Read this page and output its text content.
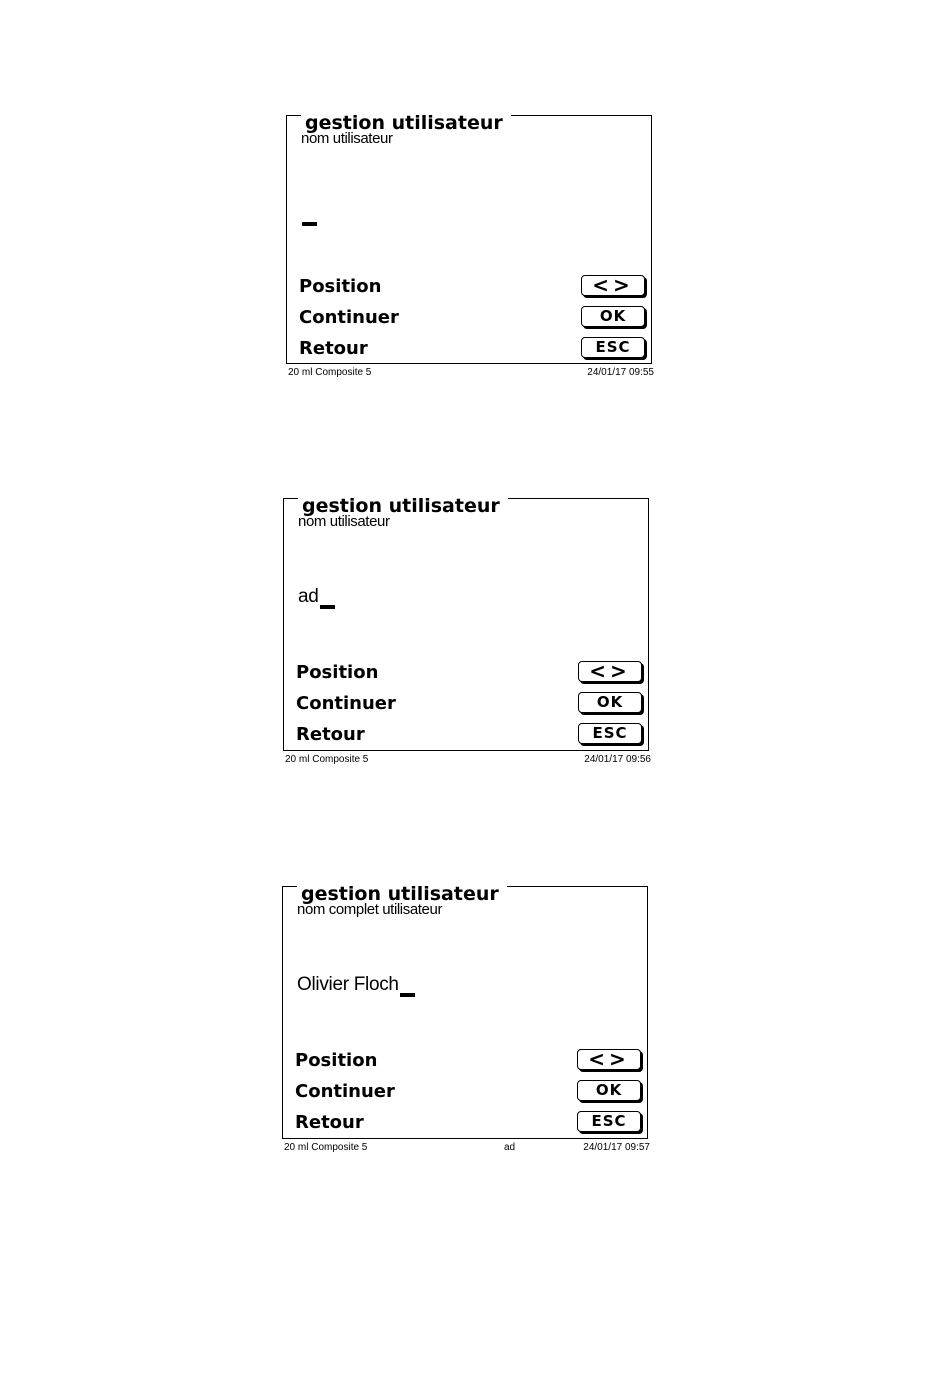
gestion utilisateur
nom utilisateur
Position	<>
Continuer	OK
Retour	ESC
20 ml Composite 5	24/01/17 09:55
gestion utilisateur
nom utilisateur
ad
Position	<>
Continuer	OK
Retour	ESC
20 ml Composite 5	24/01/17 09:56
gestion utilisateur
nom complet utilisateur
Olivier Floch
Position	<>
Continuer	OK
Retour	ESC
20 ml Composite 5	ad	24/01/17 09:57
